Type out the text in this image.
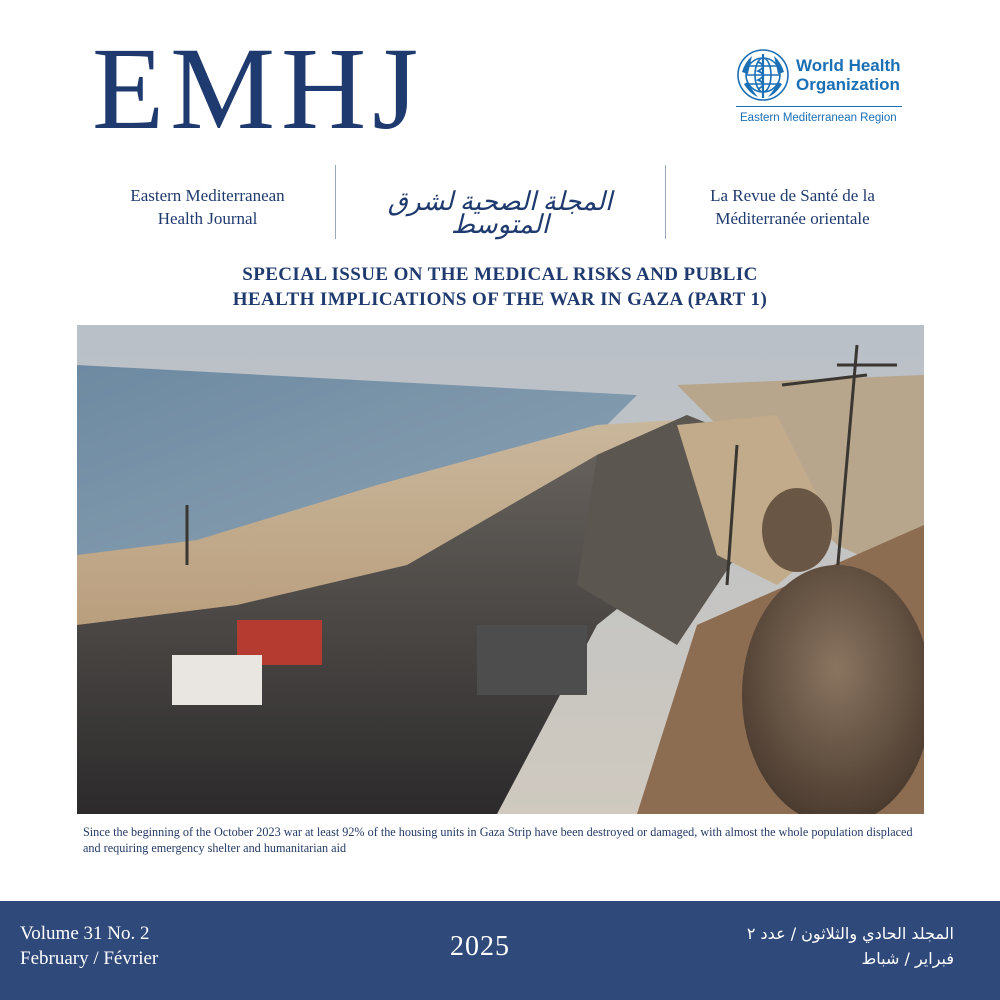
EMHJ	World Health
Organization
Eastern Mediterranean Region
Eastern Mediterranean
Health Journal
المجلة الصحية لشرق المتوسط
La Revue de Santé de la
Méditerranée orientale
SPECIAL ISSUE ON THE MEDICAL RISKS AND PUBLIC
HEALTH IMPLICATIONS OF THE WAR IN GAZA (PART 1)
Since the beginning of the October 2023 war at least 92% of the housing units in Gaza Strip have been destroyed or damaged, with almost the whole population displaced and requiring emergency shelter and humanitarian aid
Volume 31 No. 2
February / Février	2025	المجلد الحادي والثلاثون / عدد ٢
فبراير / شباط
